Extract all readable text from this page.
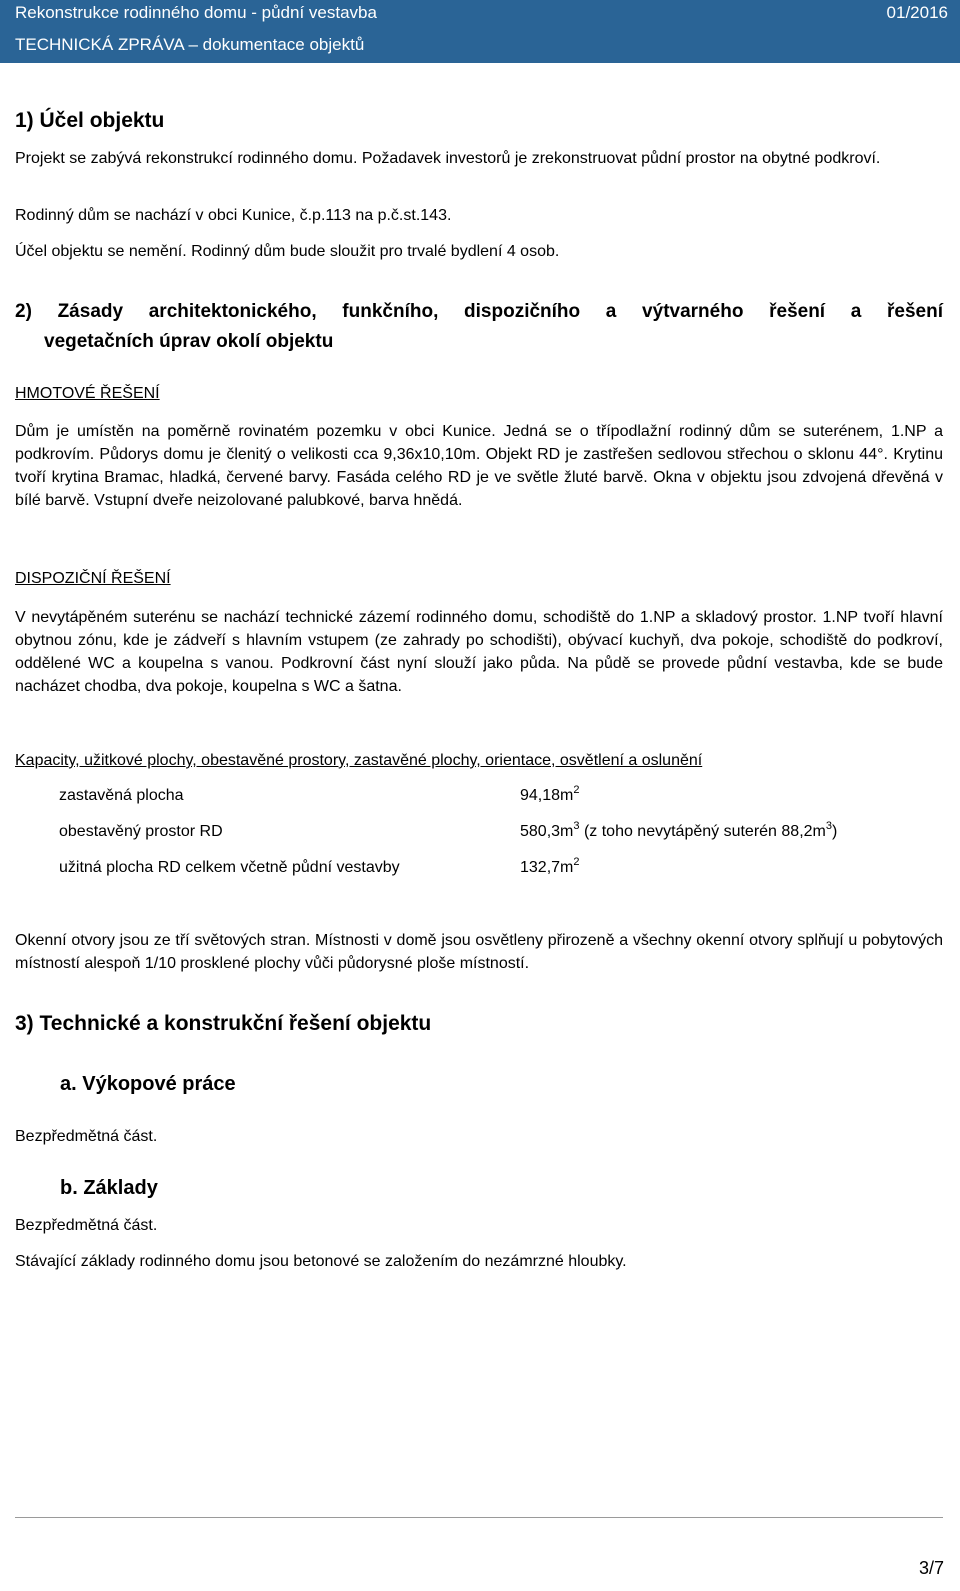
Rekonstrukce rodinného domu - půdní vestavba
TECHNICKÁ ZPRÁVA – dokumentace objektů
01/2016
1) Účel objektu
Projekt se zabývá rekonstrukcí rodinného domu. Požadavek investorů je zrekonstruovat půdní prostor na obytné podkroví.
Rodinný dům se nachází v obci Kunice, č.p.113 na p.č.st.143.
Účel objektu se nemění. Rodinný dům bude sloužit pro trvalé bydlení 4 osob.
2) Zásady architektonického, funkčního, dispozičního a výtvarného řešení a řešení
vegetačních úprav okolí objektu
HMOTOVÉ ŘEŠENÍ
Dům je umístěn na poměrně rovinatém pozemku v obci Kunice. Jedná se o třípodlažní rodinný dům se suterénem, 1.NP a podkrovím. Půdorys domu je členitý o velikosti cca 9,36x10,10m. Objekt RD je zastřešen sedlovou střechou o sklonu 44°. Krytinu tvoří krytina Bramac, hladká, červené barvy. Fasáda celého RD je ve světle žluté barvě. Okna v objektu jsou zdvojená dřevěná v bílé barvě. Vstupní dveře neizolované palubkové, barva hnědá.
DISPOZIČNÍ ŘEŠENÍ
V nevytápěném suterénu se nachází technické zázemí rodinného domu, schodiště do 1.NP a skladový prostor. 1.NP tvoří hlavní obytnou zónu, kde je zádveří s hlavním vstupem (ze zahrady po schodišti), obývací kuchyň, dva pokoje, schodiště do podkroví, oddělené WC a koupelna s vanou. Podkrovní část nyní slouží jako půda. Na půdě se provede půdní vestavba, kde se bude nacházet chodba, dva pokoje, koupelna s WC a šatna.
Kapacity, užitkové plochy, obestavěné prostory, zastavěné plochy, orientace, osvětlení a oslunění
zastavěná plocha	$94,18m^2$
obestavěný prostor RD	$580,3m^3$ (z toho nevytápěný suterén $88,2m^3$)
užitná plocha RD celkem včetně půdní vestavby	$132,7m^2$
Okenní otvory jsou ze tří světových stran. Místnosti v domě jsou osvětleny přirozeně a všechny okenní otvory splňují u pobytových místností alespoň 1/10 prosklené plochy vůči půdorysné ploše místností.
3) Technické a konstrukční řešení objektu
a. Výkopové práce
Bezpředmětná část.
b. Základy
Bezpředmětná část.
Stávající základy rodinného domu jsou betonové se založením do nezámrzné hloubky.
3/7
